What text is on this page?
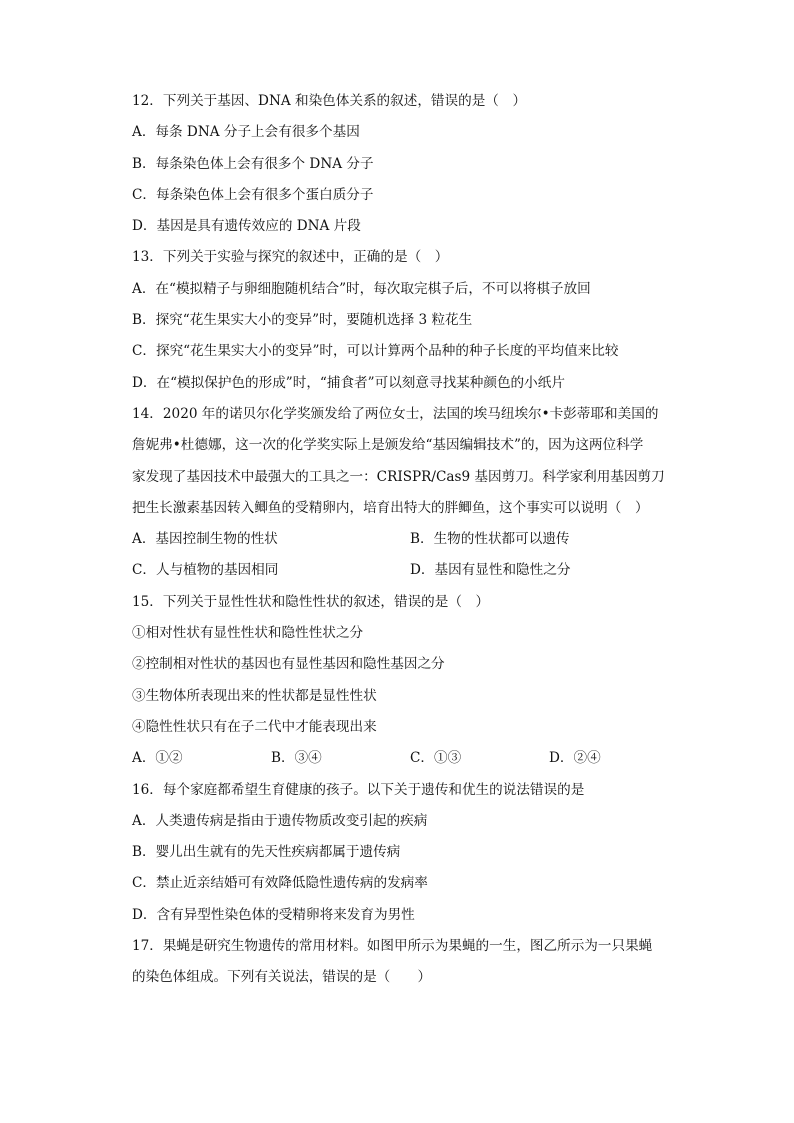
12．下列关于基因、DNA 和染色体关系的叙述，错误的是（　）
A．每条 DNA 分子上会有很多个基因
B．每条染色体上会有很多个 DNA 分子
C．每条染色体上会有很多个蛋白质分子
D．基因是具有遗传效应的 DNA 片段
13．下列关于实验与探究的叙述中，正确的是（　）
A．在“模拟精子与卵细胞随机结合”时，每次取完棋子后，不可以将棋子放回
B．探究“花生果实大小的变异”时，要随机选择 3 粒花生
C．探究“花生果实大小的变异”时，可以计算两个品种的种子长度的平均值来比较
D．在“模拟保护色的形成”时，“捕食者”可以刻意寻找某种颜色的小纸片
14．2020 年的诺贝尔化学奖颁发给了两位女士，法国的埃马纽埃尔•卡彭蒂耶和美国的
詹妮弗•杜德娜，这一次的化学奖实际上是颁发给“基因编辑技术”的，因为这两位科学
家发现了基因技术中最强大的工具之一：CRISPR/Cas9 基因剪刀。科学家利用基因剪刀
把生长激素基因转入鲫鱼的受精卵内，培育出特大的胖鲫鱼，这个事实可以说明（　）
A．基因控制生物的性状	B．生物的性状都可以遗传
C．人与植物的基因相同	D．基因有显性和隐性之分
15．下列关于显性性状和隐性性状的叙述，错误的是（　）
①相对性状有显性性状和隐性性状之分
②控制相对性状的基因也有显性基因和隐性基因之分
③生物体所表现出来的性状都是显性性状
④隐性性状只有在子二代中才能表现出来
A．①②	B．③④	C．①③	D．②④
16．每个家庭都希望生育健康的孩子。以下关于遗传和优生的说法错误的是
A．人类遗传病是指由于遗传物质改变引起的疾病
B．婴儿出生就有的先天性疾病都属于遗传病
C．禁止近亲结婚可有效降低隐性遗传病的发病率
D．含有异型性染色体的受精卵将来发育为男性
17．果蝇是研究生物遗传的常用材料。如图甲所示为果蝇的一生，图乙所示为一只果蝇
的染色体组成。下列有关说法，错误的是（　　）
